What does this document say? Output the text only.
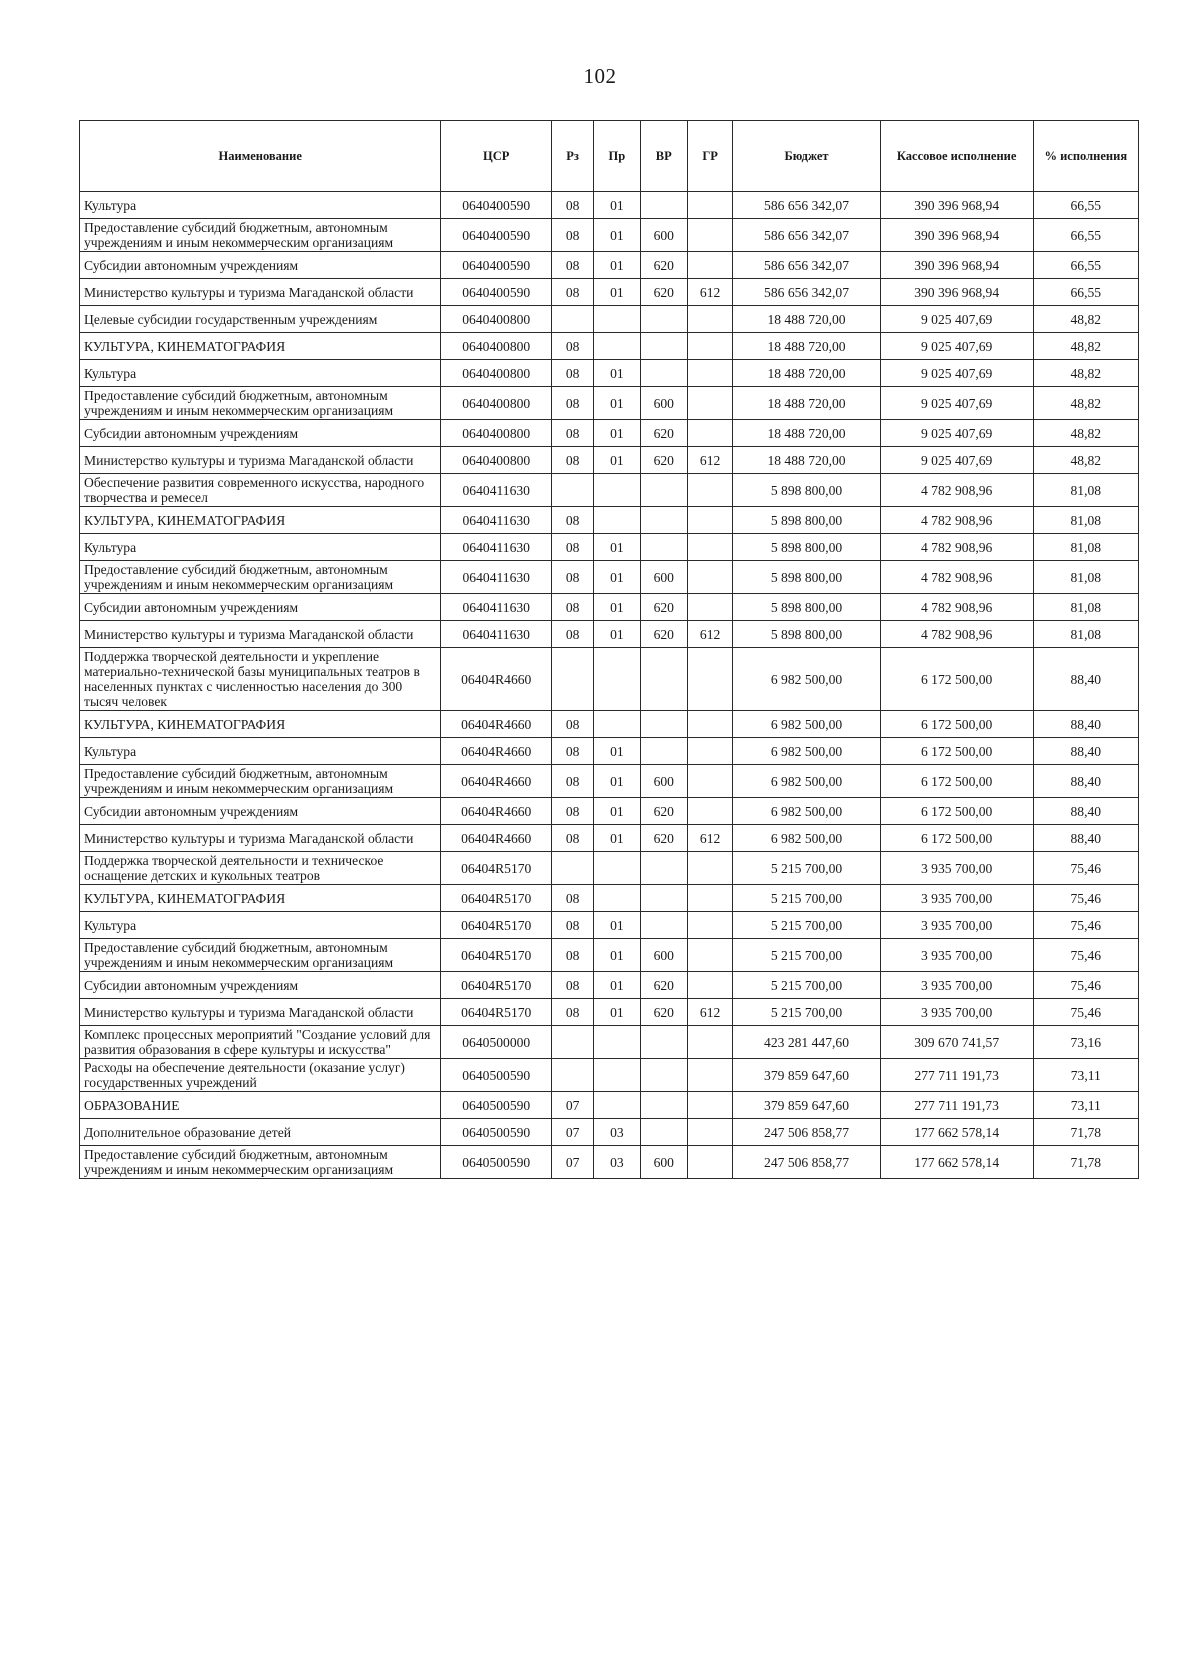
102
Наименование	ЦСР	Рз	Пр	ВР	ГР	Бюджет	Кассовое исполнение	% исполнения
Культура	0640400590	08	01			586 656 342,07	390 396 968,94	66,55
Предоставление субсидий бюджетным, автономным учреждениям и иным некоммерческим организациям	0640400590	08	01	600		586 656 342,07	390 396 968,94	66,55
Субсидии автономным учреждениям	0640400590	08	01	620		586 656 342,07	390 396 968,94	66,55
Министерство культуры и туризма Магаданской области	0640400590	08	01	620	612	586 656 342,07	390 396 968,94	66,55
Целевые субсидии государственным учреждениям	0640400800					18 488 720,00	9 025 407,69	48,82
КУЛЬТУРА, КИНЕМАТОГРАФИЯ	0640400800	08				18 488 720,00	9 025 407,69	48,82
Культура	0640400800	08	01			18 488 720,00	9 025 407,69	48,82
Предоставление субсидий бюджетным, автономным учреждениям и иным некоммерческим организациям	0640400800	08	01	600		18 488 720,00	9 025 407,69	48,82
Субсидии автономным учреждениям	0640400800	08	01	620		18 488 720,00	9 025 407,69	48,82
Министерство культуры и туризма Магаданской области	0640400800	08	01	620	612	18 488 720,00	9 025 407,69	48,82
Обеспечение развития современного искусства, народного творчества и ремесел	0640411630					5 898 800,00	4 782 908,96	81,08
КУЛЬТУРА, КИНЕМАТОГРАФИЯ	0640411630	08				5 898 800,00	4 782 908,96	81,08
Культура	0640411630	08	01			5 898 800,00	4 782 908,96	81,08
Предоставление субсидий бюджетным, автономным учреждениям и иным некоммерческим организациям	0640411630	08	01	600		5 898 800,00	4 782 908,96	81,08
Субсидии автономным учреждениям	0640411630	08	01	620		5 898 800,00	4 782 908,96	81,08
Министерство культуры и туризма Магаданской области	0640411630	08	01	620	612	5 898 800,00	4 782 908,96	81,08
Поддержка творческой деятельности и укрепление материально-технической базы муниципальных театров в населенных пунктах с численностью населения до 300 тысяч человек	06404R4660					6 982 500,00	6 172 500,00	88,40
КУЛЬТУРА, КИНЕМАТОГРАФИЯ	06404R4660	08				6 982 500,00	6 172 500,00	88,40
Культура	06404R4660	08	01			6 982 500,00	6 172 500,00	88,40
Предоставление субсидий бюджетным, автономным учреждениям и иным некоммерческим организациям	06404R4660	08	01	600		6 982 500,00	6 172 500,00	88,40
Субсидии автономным учреждениям	06404R4660	08	01	620		6 982 500,00	6 172 500,00	88,40
Министерство культуры и туризма Магаданской области	06404R4660	08	01	620	612	6 982 500,00	6 172 500,00	88,40
Поддержка творческой деятельности и техническое оснащение детских и кукольных театров	06404R5170					5 215 700,00	3 935 700,00	75,46
КУЛЬТУРА, КИНЕМАТОГРАФИЯ	06404R5170	08				5 215 700,00	3 935 700,00	75,46
Культура	06404R5170	08	01			5 215 700,00	3 935 700,00	75,46
Предоставление субсидий бюджетным, автономным учреждениям и иным некоммерческим организациям	06404R5170	08	01	600		5 215 700,00	3 935 700,00	75,46
Субсидии автономным учреждениям	06404R5170	08	01	620		5 215 700,00	3 935 700,00	75,46
Министерство культуры и туризма Магаданской области	06404R5170	08	01	620	612	5 215 700,00	3 935 700,00	75,46
Комплекс процессных мероприятий "Создание условий для развития образования в сфере культуры и искусства"	0640500000					423 281 447,60	309 670 741,57	73,16
Расходы на обеспечение деятельности (оказание услуг) государственных учреждений	0640500590					379 859 647,60	277 711 191,73	73,11
ОБРАЗОВАНИЕ	0640500590	07				379 859 647,60	277 711 191,73	73,11
Дополнительное образование детей	0640500590	07	03			247 506 858,77	177 662 578,14	71,78
Предоставление субсидий бюджетным, автономным учреждениям и иным некоммерческим организациям	0640500590	07	03	600		247 506 858,77	177 662 578,14	71,78
